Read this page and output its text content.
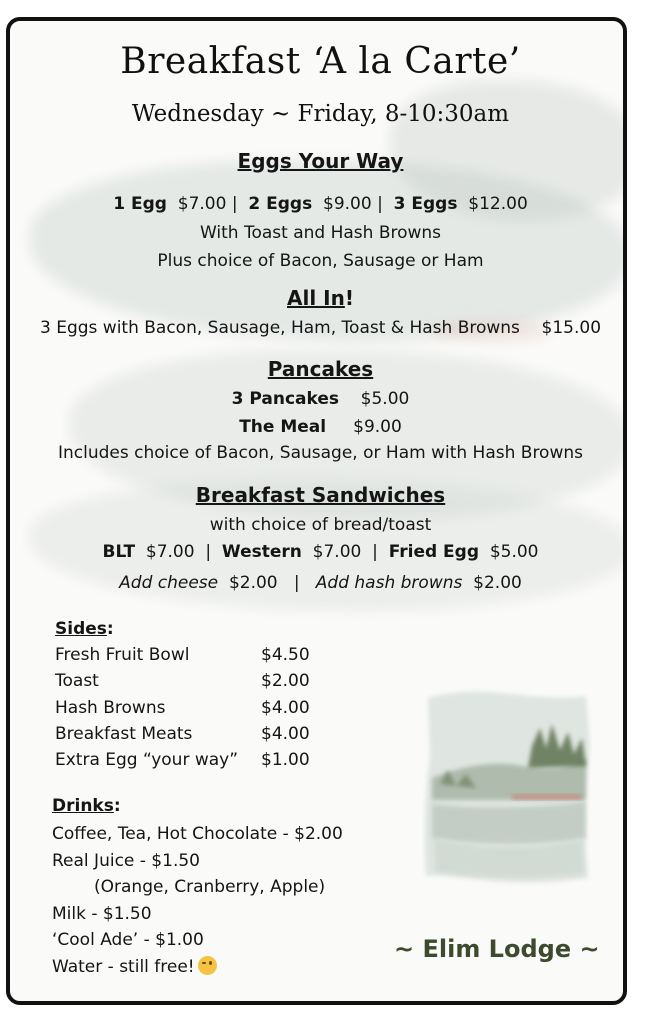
Breakfast ‘A la Carte’
Wednesday ~ Friday, 8-10:30am
Eggs Your Way
1 Egg $7.00 | 2 Eggs $9.00 | 3 Eggs $12.00
With Toast and Hash Browns
Plus choice of Bacon, Sausage or Ham
All In!
3 Eggs with Bacon, Sausage, Ham, Toast & Hash Browns $15.00
Pancakes
3 Pancakes $5.00
The Meal $9.00
Includes choice of Bacon, Sausage, or Ham with Hash Browns
Breakfast Sandwiches
with choice of bread/toast
BLT $7.00 | Western $7.00 | Fried Egg $5.00
Add cheese $2.00 | Add hash browns $2.00
Sides:
Fresh Fruit Bowl	$4.50
Toast	$2.00
Hash Browns	$4.00
Breakfast Meats	$4.00
Extra Egg “your way” $1.00
Drinks:
Coffee, Tea, Hot Chocolate - $2.00
Real Juice - $1.50
(Orange, Cranberry, Apple)
Milk - $1.50
‘Cool Ade’ - $1.00
Water - still free!
~ Elim Lodge ~
